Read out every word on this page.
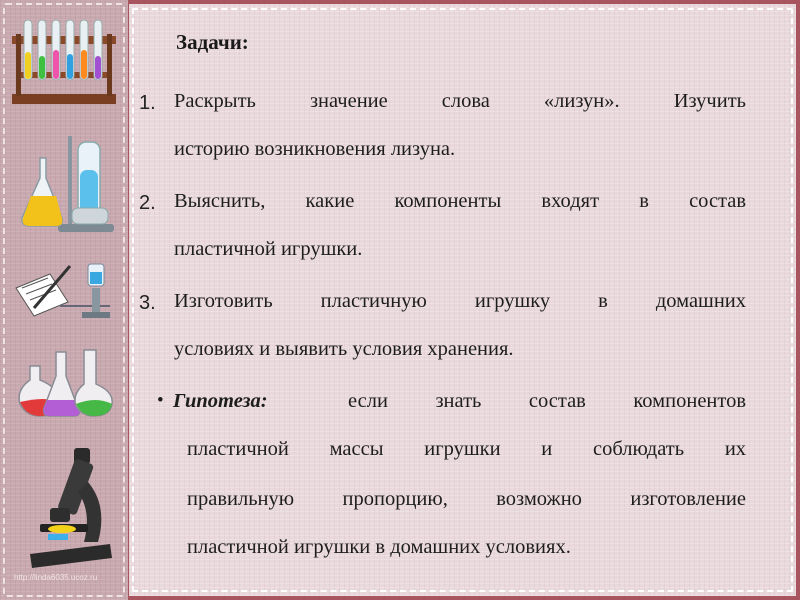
http://linda6035.ucoz.ru
Задачи:
1. Раскрыть	значение	слова	«лизун».	Изучить
историю возникновения лизуна.
2. Выяснить, какие компоненты входят в состав
пластичной игрушки.
3. Изготовить пластичную игрушку в домашних
условиях и выявить условия хранения.
• Гипотеза:	если знать состав компонентов
пластичной массы игрушки и соблюдать их
правильную пропорцию, возможно изготовление
пластичной игрушки в домашних условиях.
